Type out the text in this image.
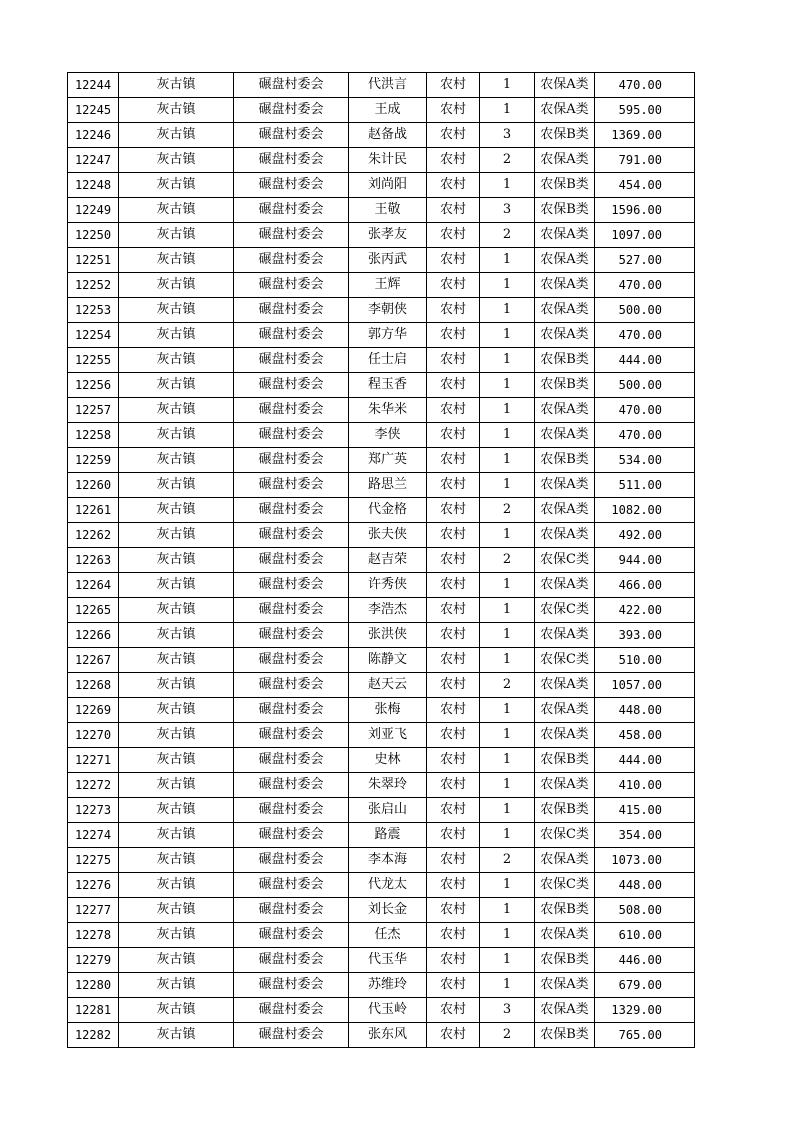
12244	灰古镇	碾盘村委会	代洪言	农村	1	农保A类	470.00
12245	灰古镇	碾盘村委会	王成	农村	1	农保A类	595.00
12246	灰古镇	碾盘村委会	赵备战	农村	3	农保B类	1369.00
12247	灰古镇	碾盘村委会	朱计民	农村	2	农保A类	791.00
12248	灰古镇	碾盘村委会	刘尚阳	农村	1	农保B类	454.00
12249	灰古镇	碾盘村委会	王敬	农村	3	农保B类	1596.00
12250	灰古镇	碾盘村委会	张孝友	农村	2	农保A类	1097.00
12251	灰古镇	碾盘村委会	张丙武	农村	1	农保A类	527.00
12252	灰古镇	碾盘村委会	王辉	农村	1	农保A类	470.00
12253	灰古镇	碾盘村委会	李朝侠	农村	1	农保A类	500.00
12254	灰古镇	碾盘村委会	郭方华	农村	1	农保A类	470.00
12255	灰古镇	碾盘村委会	任士启	农村	1	农保B类	444.00
12256	灰古镇	碾盘村委会	程玉香	农村	1	农保B类	500.00
12257	灰古镇	碾盘村委会	朱华米	农村	1	农保A类	470.00
12258	灰古镇	碾盘村委会	李侠	农村	1	农保A类	470.00
12259	灰古镇	碾盘村委会	郑广英	农村	1	农保B类	534.00
12260	灰古镇	碾盘村委会	路思兰	农村	1	农保A类	511.00
12261	灰古镇	碾盘村委会	代金格	农村	2	农保A类	1082.00
12262	灰古镇	碾盘村委会	张夫侠	农村	1	农保A类	492.00
12263	灰古镇	碾盘村委会	赵吉荣	农村	2	农保C类	944.00
12264	灰古镇	碾盘村委会	许秀侠	农村	1	农保A类	466.00
12265	灰古镇	碾盘村委会	李浩杰	农村	1	农保C类	422.00
12266	灰古镇	碾盘村委会	张洪侠	农村	1	农保A类	393.00
12267	灰古镇	碾盘村委会	陈静文	农村	1	农保C类	510.00
12268	灰古镇	碾盘村委会	赵天云	农村	2	农保A类	1057.00
12269	灰古镇	碾盘村委会	张梅	农村	1	农保A类	448.00
12270	灰古镇	碾盘村委会	刘亚飞	农村	1	农保A类	458.00
12271	灰古镇	碾盘村委会	史林	农村	1	农保B类	444.00
12272	灰古镇	碾盘村委会	朱翠玲	农村	1	农保A类	410.00
12273	灰古镇	碾盘村委会	张启山	农村	1	农保B类	415.00
12274	灰古镇	碾盘村委会	路震	农村	1	农保C类	354.00
12275	灰古镇	碾盘村委会	李本海	农村	2	农保A类	1073.00
12276	灰古镇	碾盘村委会	代龙太	农村	1	农保C类	448.00
12277	灰古镇	碾盘村委会	刘长金	农村	1	农保B类	508.00
12278	灰古镇	碾盘村委会	任杰	农村	1	农保A类	610.00
12279	灰古镇	碾盘村委会	代玉华	农村	1	农保B类	446.00
12280	灰古镇	碾盘村委会	苏维玲	农村	1	农保A类	679.00
12281	灰古镇	碾盘村委会	代玉岭	农村	3	农保A类	1329.00
12282	灰古镇	碾盘村委会	张东风	农村	2	农保B类	765.00
